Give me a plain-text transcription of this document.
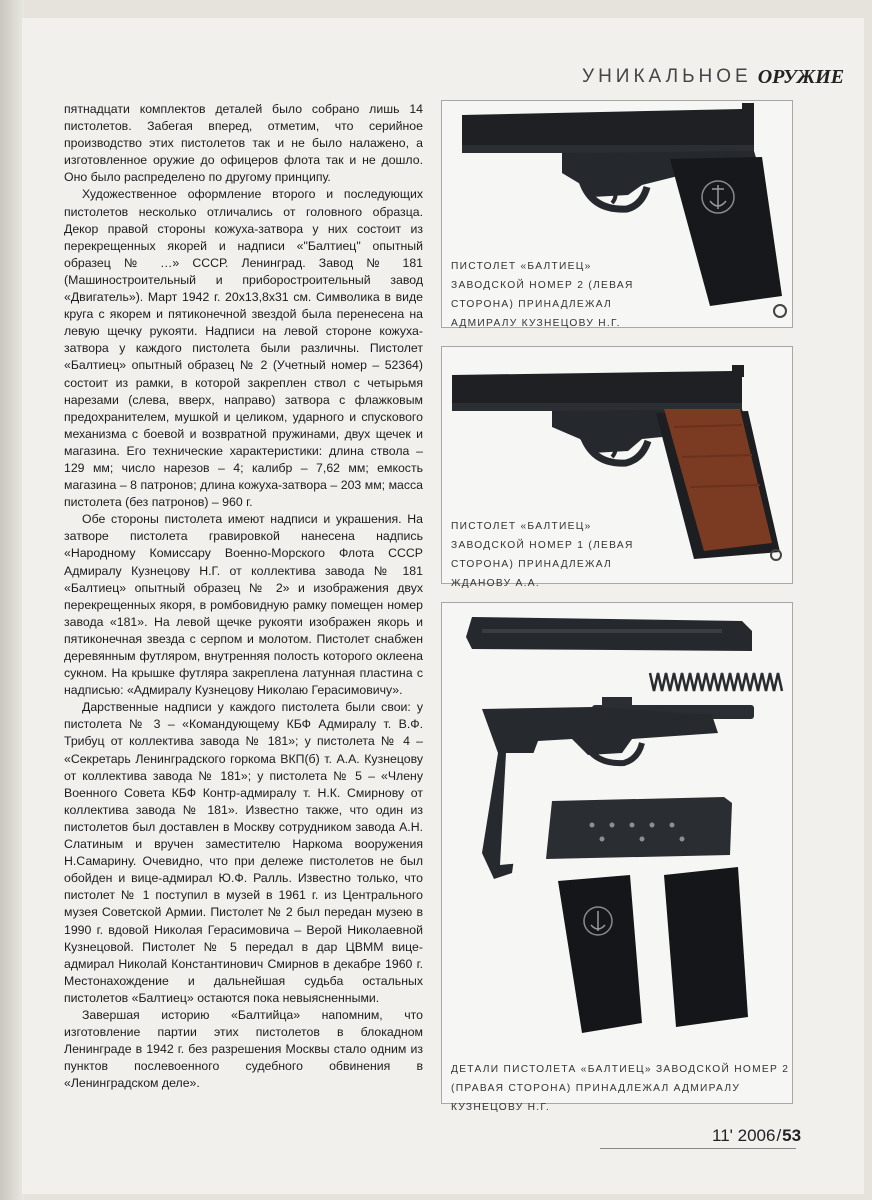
УНИКАЛЬНОЕ ОРУЖИЕ

пятнадцати комплектов деталей было собрано лишь 14 пистолетов. Забегая вперед, отметим, что серийное производство этих пистолетов так и не было налажено, а изготовленное оружие до офицеров флота так и не дошло. Оно было распределено по другому принципу.

Художественное оформление второго и последующих пистолетов несколько отличались от головного образца. Декор правой стороны кожуха-затвора у них состоит из перекрещенных якорей и надписи «"Балтиец" опытный образец № …» СССР. Ленинград. Завод № 181 (Машиностроительный и приборостроительный завод «Двигатель»). Март 1942 г. 20х13,8х31 см. Символика в виде круга с якорем и пятиконечной звездой была перенесена на левую щечку рукояти. Надписи на левой стороне кожуха-затвора у каждого пистолета были различны. Пистолет «Балтиец» опытный образец № 2 (Учетный номер – 52364) состоит из рамки, в которой закреплен ствол с четырьмя нарезами (слева, вверх, направо) затвора с флажковым предохранителем, мушкой и целиком, ударного и спускового механизма с боевой и возвратной пружинами, двух щечек и магазина. Его технические характеристики: длина ствола – 129 мм; число нарезов – 4; калибр – 7,62 мм; емкость магазина – 8 патронов; длина кожуха-затвора – 203 мм; масса пистолета (без патронов) – 960 г.

Обе стороны пистолета имеют надписи и украшения. На затворе пистолета гравировкой нанесена надпись «Народному Комиссару Военно-Морского Флота СССР Адмиралу Кузнецову Н.Г. от коллектива завода № 181 «Балтиец» опытный образец № 2» и изображения двух перекрещенных якоря, в ромбовидную рамку помещен номер завода «181». На левой щечке рукояти изображен якорь и пятиконечная звезда с серпом и молотом. Пистолет снабжен деревянным футляром, внутренняя полость которого оклеена сукном. На крышке футляра закреплена латунная пластина с надписью: «Адмиралу Кузнецову Николаю Герасимовичу».

Дарственные надписи у каждого пистолета были свои: у пистолета № 3 – «Командующему КБФ Адмиралу т. В.Ф. Трибуц от коллектива завода № 181»; у пистолета № 4 – «Секретарь Ленинградского горкома ВКП(б) т. А.А. Кузнецову от коллектива завода № 181»; у пистолета № 5 – «Члену Военного Совета КБФ Контр-адмиралу т. Н.К. Смирнову от коллектива завода № 181». Известно также, что один из пистолетов был доставлен в Москву сотрудником завода А.Н. Слатиным и вручен заместителю Наркома вооружения Н.Самарину. Очевидно, что при дележе пистолетов не был обойден и вице-адмирал Ю.Ф. Ралль. Известно только, что пистолет № 1 поступил в музей в 1961 г. из Центрального музея Советской Армии. Пистолет № 2 был передан музею в 1990 г. вдовой Николая Герасимовича – Верой Николаевной Кузнецовой. Пистолет № 5 передал в дар ЦВММ вице-адмирал Николай Константинович Смирнов в декабре 1960 г. Местонахождение и дальнейшая судьба остальных пистолетов «Балтиец» остаются пока невыясненными.

Завершая историю «Балтийца» напомним, что изготовление партии этих пистолетов в блокадном Ленинграде в 1942 г. без разрешения Москвы стало одним из пунктов послевоенного судебного обвинения в «Ленинградском деле».

ПИСТОЛЕТ «БАЛТИЕЦ» ЗАВОДСКОЙ НОМЕР 2 (ЛЕВАЯ СТОРОНА) ПРИНАДЛЕЖАЛ АДМИРАЛУ КУЗНЕЦОВУ Н.Г.
ПИСТОЛЕТ «БАЛТИЕЦ» ЗАВОДСКОЙ НОМЕР 1 (ЛЕВАЯ СТОРОНА) ПРИНАДЛЕЖАЛ ЖДАНОВУ А.А.
ДЕТАЛИ ПИСТОЛЕТА «БАЛТИЕЦ» ЗАВОДСКОЙ НОМЕР 2 (ПРАВАЯ СТОРОНА) ПРИНАДЛЕЖАЛ АДМИРАЛУ КУЗНЕЦОВУ Н.Г.
11' 2006/53
